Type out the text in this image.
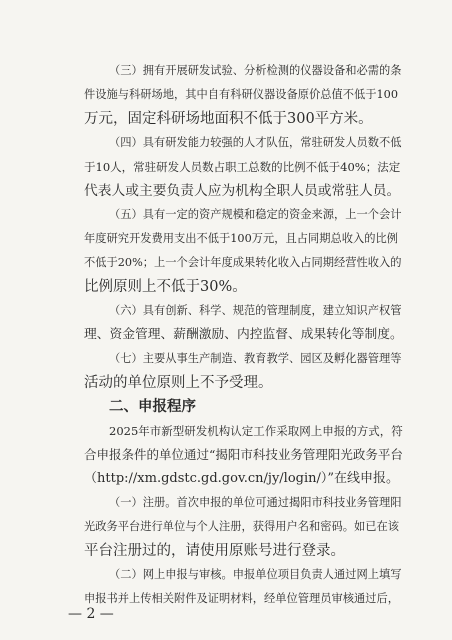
（三）拥有开展研发试验、分析检测的仪器设备和必需的条
件设施与科研场地，其中自有科研仪器设备原价总值不低于100
万元，固定科研场地面积不低于300平方米。
（四）具有研发能力较强的人才队伍，常驻研发人员数不低
于10人，常驻研发人员数占职工总数的比例不低于40%；法定
代表人或主要负责人应为机构全职人员或常驻人员。
（五）具有一定的资产规模和稳定的资金来源，上一个会计
年度研究开发费用支出不低于100万元，且占同期总收入的比例
不低于20%；上一个会计年度成果转化收入占同期经营性收入的
比例原则上不低于30%。
（六）具有创新、科学、规范的管理制度，建立知识产权管
理、资金管理、薪酬激励、内控监督、成果转化等制度。
（七）主要从事生产制造、教育教学、园区及孵化器管理等
活动的单位原则上不予受理。
二、申报程序
2025年市新型研发机构认定工作采取网上申报的方式，符
合申报条件的单位通过“揭阳市科技业务管理阳光政务平台
（http://xm.gdstc.gd.gov.cn/jy/login/）”在线申报。
（一）注册。首次申报的单位可通过揭阳市科技业务管理阳
光政务平台进行单位与个人注册，获得用户名和密码。如已在该
平台注册过的，请使用原账号进行登录。
（二）网上申报与审核。申报单位项目负责人通过网上填写
申报书并上传相关附件及证明材料，经单位管理员审核通过后，
— 2 —
